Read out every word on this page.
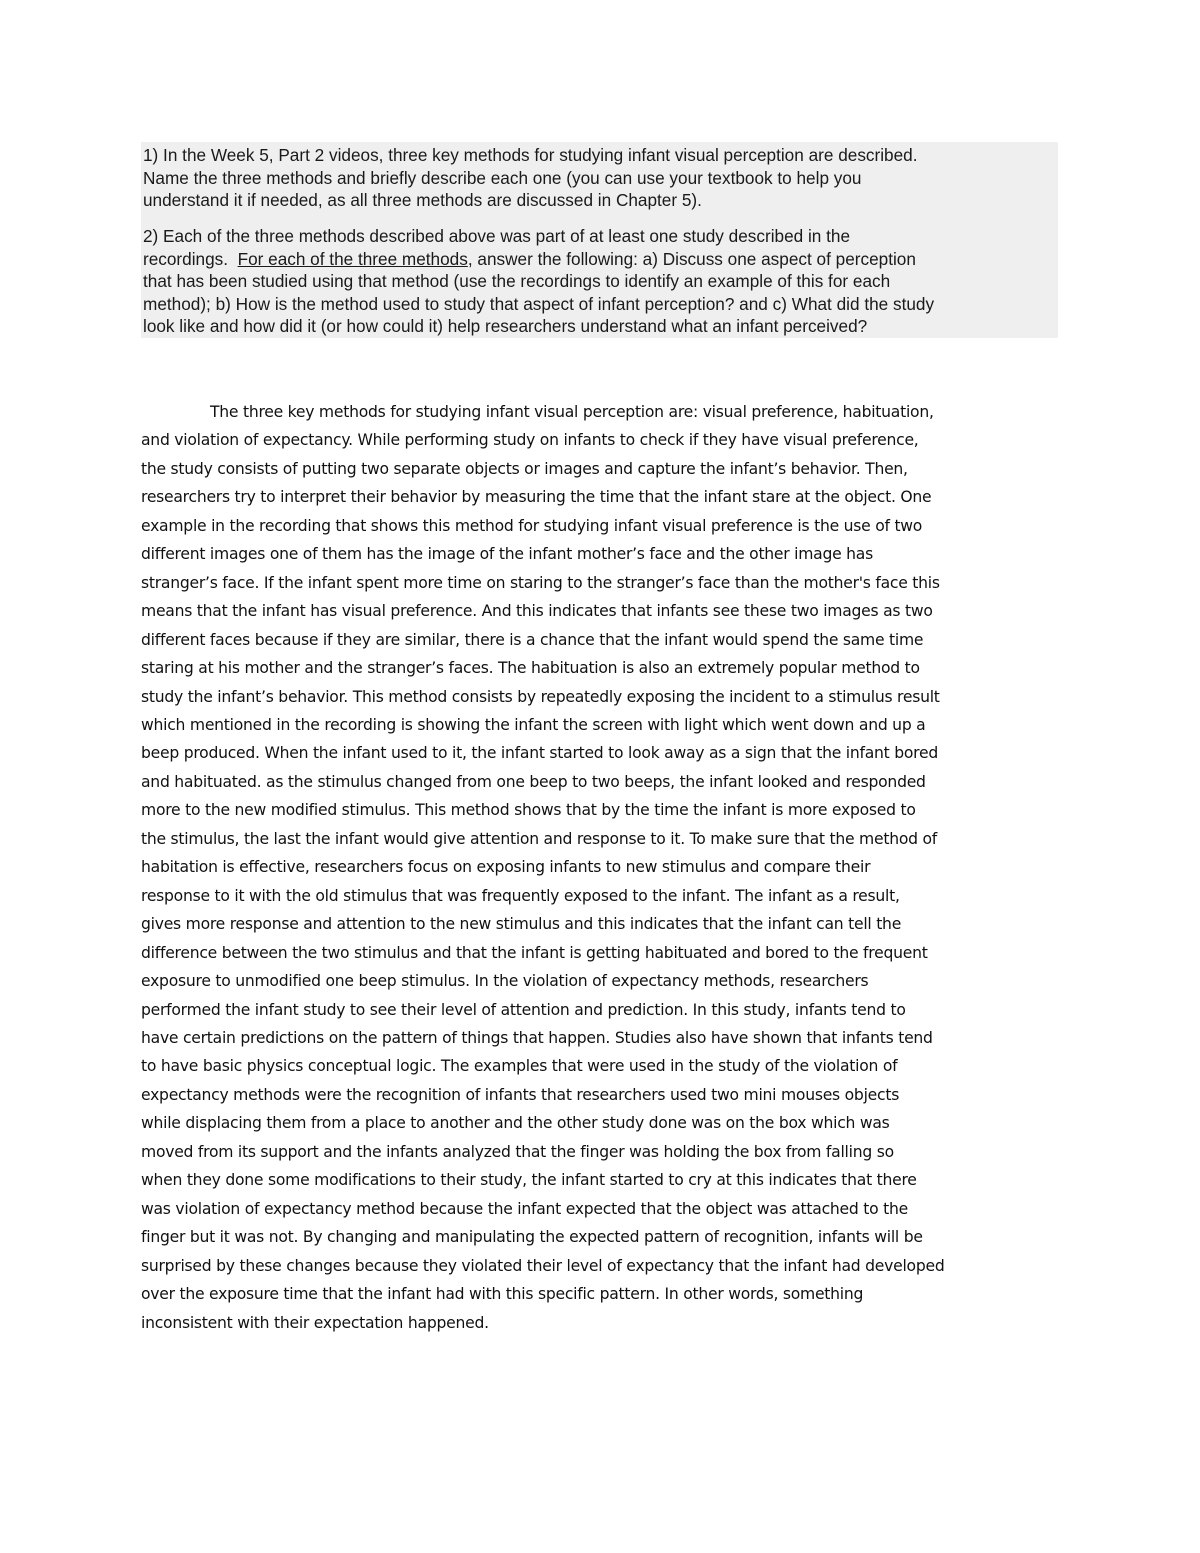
1) In the Week 5, Part 2 videos, three key methods for studying infant visual perception are described.
Name the three methods and briefly describe each one (you can use your textbook to help you
understand it if needed, as all three methods are discussed in Chapter 5).

2) Each of the three methods described above was part of at least one study described in the
recordings.  For each of the three methods, answer the following: a) Discuss one aspect of perception
that has been studied using that method (use the recordings to identify an example of this for each
method); b) How is the method used to study that aspect of infant perception? and c) What did the study
look like and how did it (or how could it) help researchers understand what an infant perceived?

The three key methods for studying infant visual perception are: visual preference, habituation,
and violation of expectancy. While performing study on infants to check if they have visual preference,
the study consists of putting two separate objects or images and capture the infant’s behavior. Then,
researchers try to interpret their behavior by measuring the time that the infant stare at the object. One
example in the recording that shows this method for studying infant visual preference is the use of two
different images one of them has the image of the infant mother’s face and the other image has
stranger’s face. If the infant spent more time on staring to the stranger’s face than the mother's face this
means that the infant has visual preference. And this indicates that infants see these two images as two
different faces because if they are similar, there is a chance that the infant would spend the same time
staring at his mother and the stranger’s faces. The habituation is also an extremely popular method to
study the infant’s behavior. This method consists by repeatedly exposing the incident to a stimulus result
which mentioned in the recording is showing the infant the screen with light which went down and up a
beep produced. When the infant used to it, the infant started to look away as a sign that the infant bored
and habituated. as the stimulus changed from one beep to two beeps, the infant looked and responded
more to the new modified stimulus. This method shows that by the time the infant is more exposed to
the stimulus, the last the infant would give attention and response to it. To make sure that the method of
habitation is effective, researchers focus on exposing infants to new stimulus and compare their
response to it with the old stimulus that was frequently exposed to the infant. The infant as a result,
gives more response and attention to the new stimulus and this indicates that the infant can tell the
difference between the two stimulus and that the infant is getting habituated and bored to the frequent
exposure to unmodified one beep stimulus. In the violation of expectancy methods, researchers
performed the infant study to see their level of attention and prediction. In this study, infants tend to
have certain predictions on the pattern of things that happen. Studies also have shown that infants tend
to have basic physics conceptual logic. The examples that were used in the study of the violation of
expectancy methods were the recognition of infants that researchers used two mini mouses objects
while displacing them from a place to another and the other study done was on the box which was
moved from its support and the infants analyzed that the finger was holding the box from falling so
when they done some modifications to their study, the infant started to cry at this indicates that there
was violation of expectancy method because the infant expected that the object was attached to the
finger but it was not. By changing and manipulating the expected pattern of recognition, infants will be
surprised by these changes because they violated their level of expectancy that the infant had developed
over the exposure time that the infant had with this specific pattern. In other words, something
inconsistent with their expectation happened.
